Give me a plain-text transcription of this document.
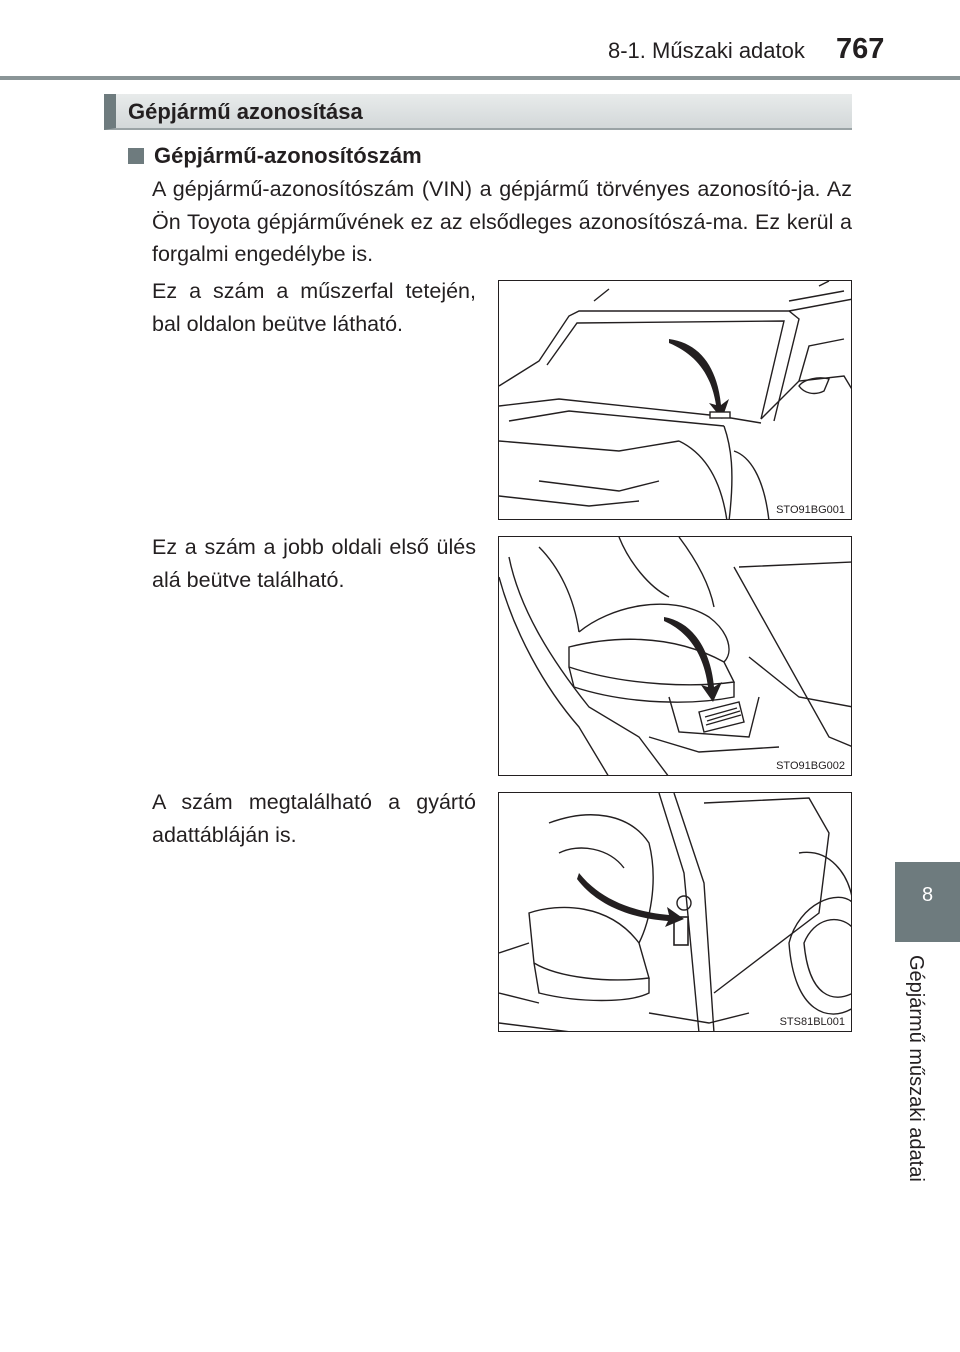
8-1. Műszaki adatok 767
Gépjármű azonosítása
Gépjármű-azonosítószám
A gépjármű-azonosítószám (VIN) a gépjármű törvényes azonosító-ja. Az Ön Toyota gépjárművének ez az elsődleges azonosítószá-ma. Ez kerül a forgalmi engedélybe is.
Ez a szám a műszerfal tetején, bal oldalon beütve látható.
Ez a szám a jobb oldali első ülés alá beütve található.
A szám megtalálható a gyártó adattábláján is.
STO91BG001
STO91BG002
STS81BL001
8
Gépjármű műszaki adatai
